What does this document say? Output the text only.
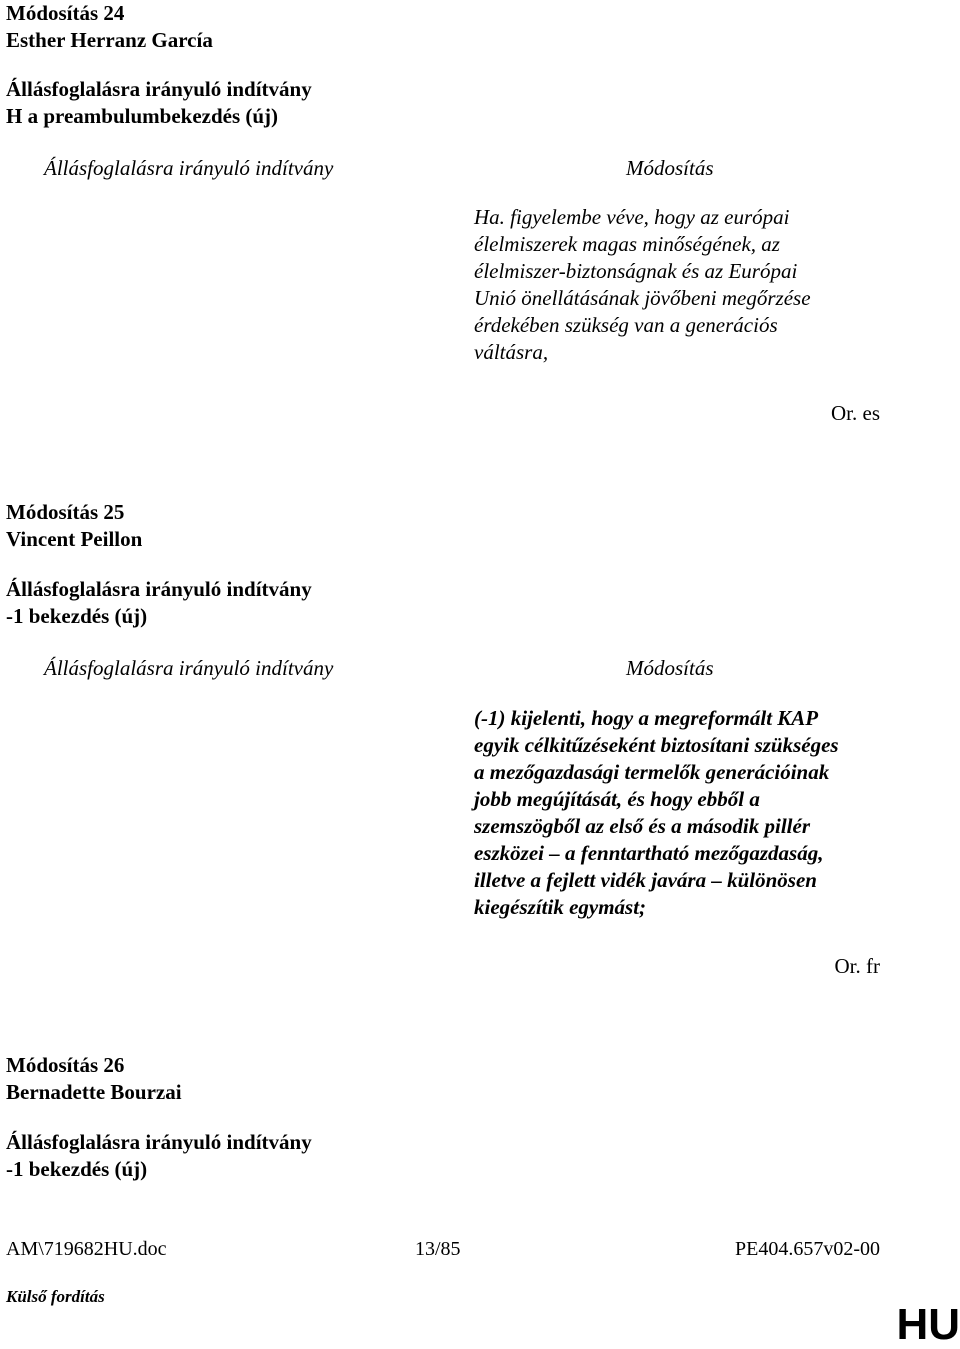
Módosítás 24
Esther Herranz García
Állásfoglalásra irányuló indítvány
H a preambulumbekezdés (új)
Állásfoglalásra irányuló indítvány	Módosítás
Ha. figyelembe véve, hogy az európai
élelmiszerek magas minőségének, az
élelmiszer-biztonságnak és az Európai
Unió önellátásának jövőbeni megőrzése
érdekében szükség van a generációs
váltásra,
Or. es
Módosítás 25
Vincent Peillon
Állásfoglalásra irányuló indítvány
-1 bekezdés (új)
Állásfoglalásra irányuló indítvány	Módosítás
(-1) kijelenti, hogy a megreformált KAP
egyik célkitűzéseként biztosítani szükséges
a mezőgazdasági termelők generációinak
jobb megújítását, és hogy ebből a
szemszögből az első és a második pillér
eszközei – a fenntartható mezőgazdaság,
illetve a fejlett vidék javára – különösen
kiegészítik egymást;
Or. fr
Módosítás 26
Bernadette Bourzai
Állásfoglalásra irányuló indítvány
-1 bekezdés (új)
AM\719682HU.doc	13/85	PE404.657v02-00
Külső fordítás
HU
